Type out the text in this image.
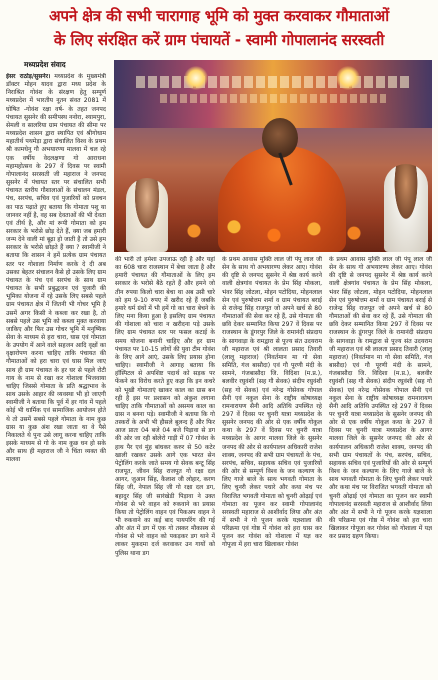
अपने क्षेत्र की सभी चारागाह भूमि को मुक्त करवाकर गौमाताओं
के लिए संरक्षित करें ग्राम पंचायतें - स्वामी गोपालानंद सरस्वती
मध्यप्रदेश संवाद
ईसर राठोड़/सुसनेर। मध्यप्रदेश के मुख्यमंत्री डॉक्टर मोहन यादव द्वारा मध्य प्रदेश के निराश्रित गोवंश के संरक्षण हेतु सम्पूर्ण मध्यप्रदेश में भारतीय नूतन संवत 2081 में घोषित -गोवंश रक्षा वर्ष- के तहत जनपद पंचायत सुसनेर की समीपस्थ ननोरा, श्यामपुरा, सेमली व सालरिया ग्राम पंचायत की सीमा पर मध्यप्रदेश शासन द्वारा स्थापित एवं श्रीगोधाम महातीर्थ पथमेड़ा द्वारा संचालित विश्व के प्रथम श्री कामधेनु गौ अभयारण्य मालवा में चल रहे एक वर्षीय वेदलक्षणा गो आराधना महामहोत्सव के 297 वें दिवस पर स्वामी गोपालानंद सरस्वती जी महाराज ने जनपद सुसनेर में पंचायत स्तर पर संचालित सभी पंचायत स्तरीय गौशालाओं के संचालन मंडल, पंच, सरपंच, सचिव एवं पुजारियों को प्रवचन का पाठ पढ़ाते हुए बताया कि गोमाता पशु या जानवर नहीं है, वह सब देवताओं की भी देवता एवं तीर्थ है, और मां रूपी गोमाता को हम सरकार के भरोसे छोड़ देते हैं, क्या जब हमारी जन्म देने वाली मां बूढ़ा हो जाती है तो उसे हम सरकार के भरोसे छोड़ते हैं क्या ? स्वामीजी ने बताया कि शासन ने हमें प्रत्येक ग्राम पंचायत स्तर पर गोशाला निर्माण करके दे दी अब उसका बेहतर संचालन कैसे हो उसके लिए ग्राम पंचायत के पंच एवं सरपंच के साथ ग्राम पंचायत के सभी प्रबुद्धजन एवं पुजारी की भूमिका योजना में रहे उसके लिए सबसे पहले ग्राम पंचायत क्षेत्र में जितनी भी गोचर भूमि है उसमें अगर किसी ने कब्जा कर रखा है, तो सबसे पहले उस भूमि को कब्जा मुक्त करवाया जाकिए और फिर उस गोचर भूमि में मनुष्यिक सेवा के माध्यम से हरा चारा, घास एवं गोमाता के उपयोग में आने वाले सहजन आदि वृक्षों का वृक्षारोपण करना चाहिए ताकि पंचायत की गौमाताओं को हरा चारा एवं घास मिल जाए साथ ही ग्राम पंचायत के हर घर से पहले रोटी गाय के नाम से रखा कर गोशाला भिजवाया चाहिए जिससे गोमाता के प्रति श्रद्धाभाव के साथ उसके आहार की व्यवस्था भी हो जाएगी स्वामीजी ने बताया कि पूर्व में हर गांव में पहले कोई भी धार्मिक एवं सामाजिक आयोजन होते थे तो उसमें सबसे पहले गोमाता के नाम कुछ ग्रास या कुछ अंश रखा जाता था वे पैसे निकालते थे पुनः उसे लागू करना चाहिए ताकि इसके माध्यम से गो के नाम कुछ धन हो सके और साथ ही महाराज जी ने चिंता व्यक्त की मालवा
की भारी तो हमेशा उपजाऊ रही है और यहां का 608 चारा राजस्थान में बेचा जाता है और हमारी पंचायत की गौमाताओं के लिए हम सरकार के भरोसे बैठे रहते हैं और हमने जो तीन रुपया किलो चारा बेचा था अब उसी चारे को हम 9-10 रुपए में खरीद रहे हैं जबकि हमारे धर्म ग्रंथों में भी हमें गो का चारा बेचने के लिए मना किया हुआ है इसलिए ग्राम पंचायत की गोशाला को चारा न खरीदना पड़े उसके लिए ग्राम पंचायत स्तर पर फसल कटाई के समय योजना बनानी चाहिए और हर ग्राम पंचायत पर 10-15 लोगों की युवा टीम गोवंश के लिए आगे आएं, उसके लिए प्रयास होना चाहिए। स्वामीजी ने आगाह बताया कि हॉस्पिटल से अपशिष्ट पदार्थ को सड़क पर फेंकने का विरोध करते हुए कहा कि इन कचरे को भूखी गोमाताएं खाकर काल का ग्रास बन रही है इस पर प्रशासन को अंकुश लगाना चाहिए ताकि गौमाताओं को असमय काल का ग्रास न बनना पड़े। स्वामीजी ने बताया कि गो तस्करों के अभी भी हौसले बुलन्द हैं और फिर आज प्रातः 04 बजे 04 बजे पिड़ावा से डग की ओर जा रही बोलेरो गाड़ी में 07 गोवंश के हाथ पैर एवं मुंह बांधकर करुर से 50 कटेर खाली रखकर उसके आगे एक भारत सेन पेट्रोलिंग करके जाते समय गो सेवक बन्टू सिंह राजपूत, जीवन सिंह राजपूत गो रक्षा दल आगर, जुआन सिंह, कैलाश जी लोहार, करण सिंह जी, नेपाल सिंह जी गो रक्षा दल डग, बहादुर सिंह जी सारंखेडी पिड़ावा ने उक्त गोवंश से भरे वाहन को रुकवाने का प्रयास किया तो पेट्रोलिंग वाहन एवं पिकअप वाहन ने भी रुकवाने का कई बाद पायपरिंग की गई और अंत में डग में एक गो तस्कर मौकास्थ से गोवंश से भरे वाहन को पकड़कर डग थाने में लाकर मुकदमा दर्ज करवाकर उन गायों को पुलिस थाना डग
के प्रथम आवास मुक्ति लाल जी पंपू लाल जी सेन के साथ गो अभयारण्य लेकर आए। गोवंश की दृष्टि से जनपद सुसनेर में श्रेष्ठ कार्य करने वाली क्षेत्रगांव पंचायत के प्रेम सिंह मोकला, भंवर सिंह जोटला, मोहन पटोदिया, मोहनलाल सेन एवं पुरुषोत्तम शर्मा व ग्राम पंचायत बराई से राजेन्द्र सिंह राजपूत जो अपने खर्च से 80 गौमाताओं की सेवा कर रहे हैं, उसे गोमाता की छवि देकर सम्मानित किया 297 वें दिवस पर राजस्थान के डूंगरपुर जिले के रामानंदी संप्रदाय के सागवाड़ा के रामद्वारा से पूज्य संत उदयराम जी महाराज एवं श्री लालता प्रसाद तिवारी (लालू महाराज) (निवर्तमान मा गो सेवा समिति, गंज बासौदा) एवं गौ पूरणी मंदी के सामने, गंजबासौदा जि. विदिशा (म.प्र.), बलवीर रघुवंशी (सह गौ सेवक) संदीप रघुवंशी (सह गो सेवक) एवं नरेन्द्र गोसेवक गोपाल सैनी एवं नकुल सेना के राष्ट्रीय कोषाध्यक्ष रामनारायण सैनी आदि अतिथि उपस्थित रहे 297 वें दिवस पर चुनरी यात्रा मध्यप्रदेश के सुसनेर जनपद की ओर से एक वर्षीय गोकुल कथा के 297 वें दिवस पर चुनरी यात्रा मध्यप्रदेश के आगर मालवा जिले के सुसनेर जनपद की ओर से कार्यपालन अधिकारी राजेश शाक्य, जनपद की सभी ग्राम पंचायतों के पंच, सरपंच, सचिव, सहायक सचिव एवं पुजारियों की ओर से सम्पूर्ण विश्व के जन कल्याण के लिए गाजे बाजे के साथ भगवती गोमाता के लिए चुनरी लेकर पधारे और कथा मंच पर विराजित भगवती गोमाता को चुनरी ओढ़ाई एवं गोमाता का पूजन कर स्वामी गोपालानंद सरस्वती महाराज से आशीर्वाद लिया और अंत में सभी ने गो पूजन करके यज्ञशाला की परिक्रमा एवं गोष्ठ में गोवंश को हरा घास कर पूजन कर गोवंश को गोशाला में यज्ञ कर गोपूजा में हरा चारा खिलाकर गोवंश
के प्रथम आवास मुक्ति लाल जी पंपू लाल जी सेन के साथ गो अभयारण्य लेकर आए। गोवंश की दृष्टि से जनपद सुसनेर में श्रेष्ठ कार्य करने वाली क्षेत्रगांव पंचायत के प्रेम सिंह मोकला, भंवर सिंह जोटला, मोहन पटोदिया, मोहनलाल सेन एवं पुरुषोत्तम शर्मा व ग्राम पंचायत बराई से राजेन्द्र सिंह राजपूत जो अपने खर्च से 80 गौमाताओं की सेवा कर रहे हैं, उसे गोमाता की छवि देकर सम्मानित किया 297 वें दिवस पर राजस्थान के डूंगरपुर जिले के रामानंदी संप्रदाय के सागवाड़ा के रामद्वारा से पूज्य संत उदयराम जी महाराज एवं श्री लालता प्रसाद तिवारी (लालू महाराज) (निवर्तमान मा गो सेवा समिति, गंज बासौदा) एवं गौ पूरणी मंदी के सामने, गंजबासौदा जि. विदिशा (म.प्र.), बलवीर रघुवंशी (सह गौ सेवक) संदीप रघुवंशी (सह गो सेवक) एवं नरेन्द्र गोसेवक गोपाल सैनी एवं नकुल सेना के राष्ट्रीय कोषाध्यक्ष रामनारायण सैनी आदि अतिथि उपस्थित रहे 297 वें दिवस पर चुनरी यात्रा मध्यप्रदेश के सुसनेर जनपद की ओर से एक वर्षीय गोकुल कथा के 297 वें दिवस पर चुनरी यात्रा मध्यप्रदेश के आगर मालवा जिले के सुसनेर जनपद की ओर से कार्यपालन अधिकारी राजेश शाक्य, जनपद की सभी ग्राम पंचायतों के पंच, सरपंच, सचिव, सहायक सचिव एवं पुजारियों की ओर से सम्पूर्ण विश्व के जन कल्याण के लिए गाजे बाजे के साथ भगवती गोमाता के लिए चुनरी लेकर पधारे और कथा मंच पर विराजित भगवती गोमाता को चुनरी ओढ़ाई एवं गोमाता का पूजन कर स्वामी गोपालानंद सरस्वती महाराज से आशीर्वाद लिया और अंत में सभी ने गो पूजन करके यज्ञशाला की परिक्रमा एवं गोष्ठ में गोवंश को हरा चारा खिलाकर गोपूजा कर गोवंश को गोशाला में यज्ञ कर प्रसाद ग्रहण किया।
